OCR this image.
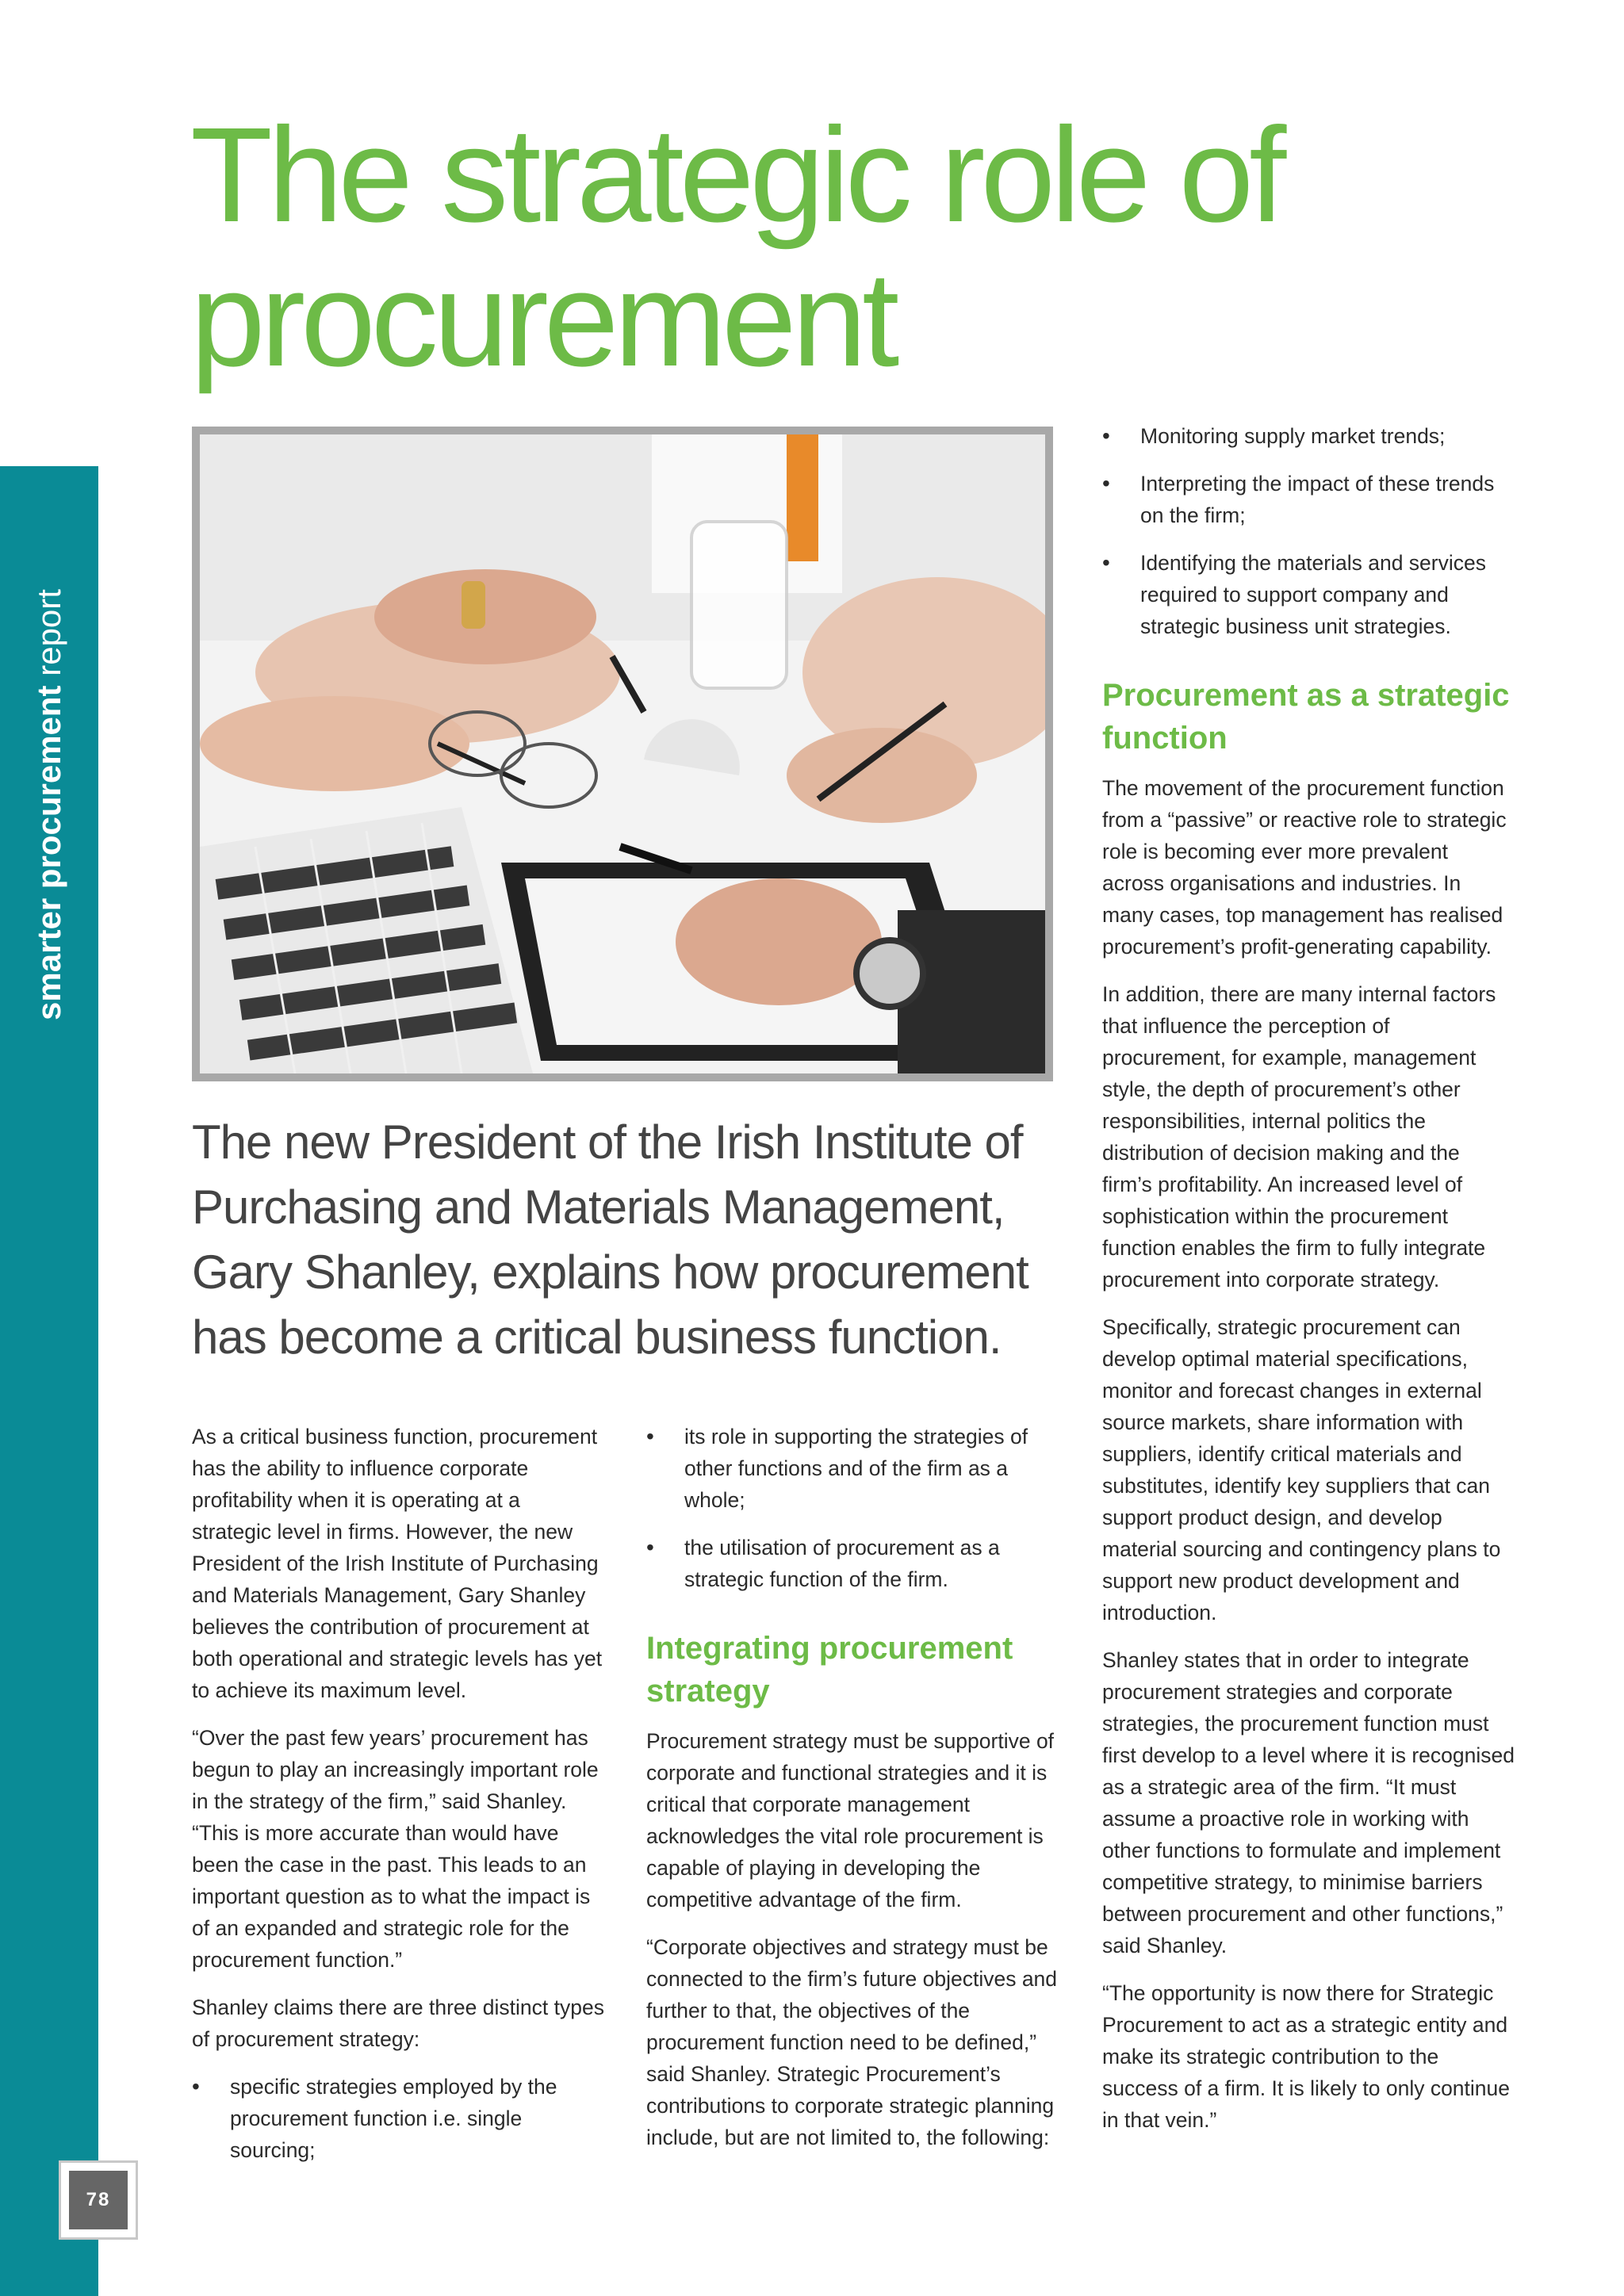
smarter procurement report
78
The strategic role of procurement
The new President of the Irish Institute of Purchasing and Materials Management, Gary Shanley, explains how procurement has become a critical business function.

As a critical business function, procurement has the ability to influence corporate profitability when it is operating at a strategic level in firms. However, the new President of the Irish Institute of Purchasing and Materials Management, Gary Shanley believes the contribution of procurement at both operational and strategic levels has yet to achieve its maximum level.

“Over the past few years’ procurement has begun to play an increasingly important role in the strategy of the firm,” said Shanley. “This is more accurate than would have been the case in the past. This leads to an important question as to what the impact is of an expanded and strategic role for the procurement function.”

Shanley claims there are three distinct types of procurement strategy:

• specific strategies employed by the procurement function i.e. single sourcing;
• its role in supporting the strategies of other functions and of the firm as a whole;
• the utilisation of procurement as a strategic function of the firm.
Integrating procurement strategy

Procurement strategy must be supportive of corporate and functional strategies and it is critical that corporate management acknowledges the vital role procurement is capable of playing in developing the competitive advantage of the firm.

“Corporate objectives and strategy must be connected to the firm’s future objectives and further to that, the objectives of the procurement function need to be defined,” said Shanley. Strategic Procurement’s contributions to corporate strategic planning include, but are not limited to, the following:

• Monitoring supply market trends;
• Interpreting the impact of these trends on the firm;
• Identifying the materials and services required to support company and strategic business unit strategies.
Procurement as a strategic function

The movement of the procurement function from a “passive” or reactive role to strategic role is becoming ever more prevalent across organisations and industries. In many cases, top management has realised procurement’s profit-generating capability.

In addition, there are many internal factors that influence the perception of procurement, for example, management style, the depth of procurement’s other responsibilities, internal politics the distribution of decision making and the firm’s profitability. An increased level of sophistication within the procurement function enables the firm to fully integrate procurement into corporate strategy.

Specifically, strategic procurement can develop optimal material specifications, monitor and forecast changes in external source markets, share information with suppliers, identify critical materials and substitutes, identify key suppliers that can support product design, and develop material sourcing and contingency plans to support new product development and introduction.

Shanley states that in order to integrate procurement strategies and corporate strategies, the procurement function must first develop to a level where it is recognised as a strategic area of the firm. “It must assume a proactive role in working with other functions to formulate and implement competitive strategy, to minimise barriers between procurement and other functions,” said Shanley.

“The opportunity is now there for Strategic Procurement to act as a strategic entity and make its strategic contribution to the success of a firm. It is likely to only continue in that vein.”
